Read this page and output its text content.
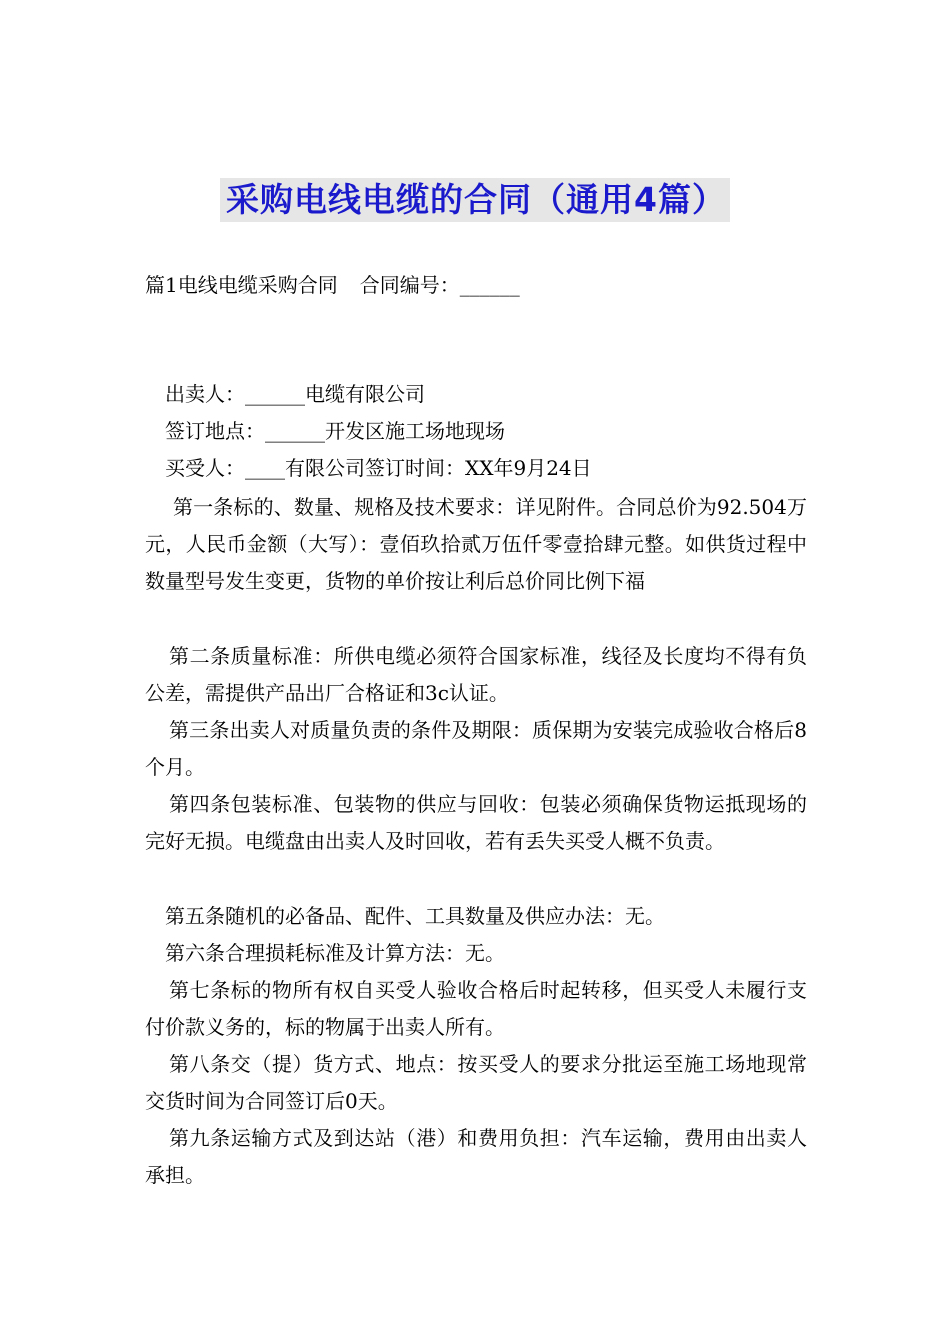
采购电线电缆的合同（通用4篇）
篇1电线电缆采购合同 合同编号：______
出卖人：______电缆有限公司
签订地点：______开发区施工场地现场
买受人：____有限公司签订时间：XX年9月24日
第一条标的、数量、规格及技术要求：详见附件。合同总价为92.504万元，人民币金额（大写）：壹佰玖拾贰万伍仟零壹拾肆元整。如供货过程中数量型号发生变更，货物的单价按让利后总价同比例下福
第二条质量标准：所供电缆必须符合国家标准，线径及长度均不得有负公差，需提供产品出厂合格证和3c认证。
第三条出卖人对质量负责的条件及期限：质保期为安装完成验收合格后8个月。
第四条包装标准、包装物的供应与回收：包装必须确保货物运抵现场的完好无损。电缆盘由出卖人及时回收，若有丢失买受人概不负责。
第五条随机的必备品、配件、工具数量及供应办法：无。
第六条合理损耗标准及计算方法：无。
第七条标的物所有权自买受人验收合格后时起转移，但买受人未履行支付价款义务的，标的物属于出卖人所有。
第八条交（提）货方式、地点：按买受人的要求分批运至施工场地现常交货时间为合同签订后0天。
第九条运输方式及到达站（港）和费用负担：汽车运输，费用由出卖人承担。
